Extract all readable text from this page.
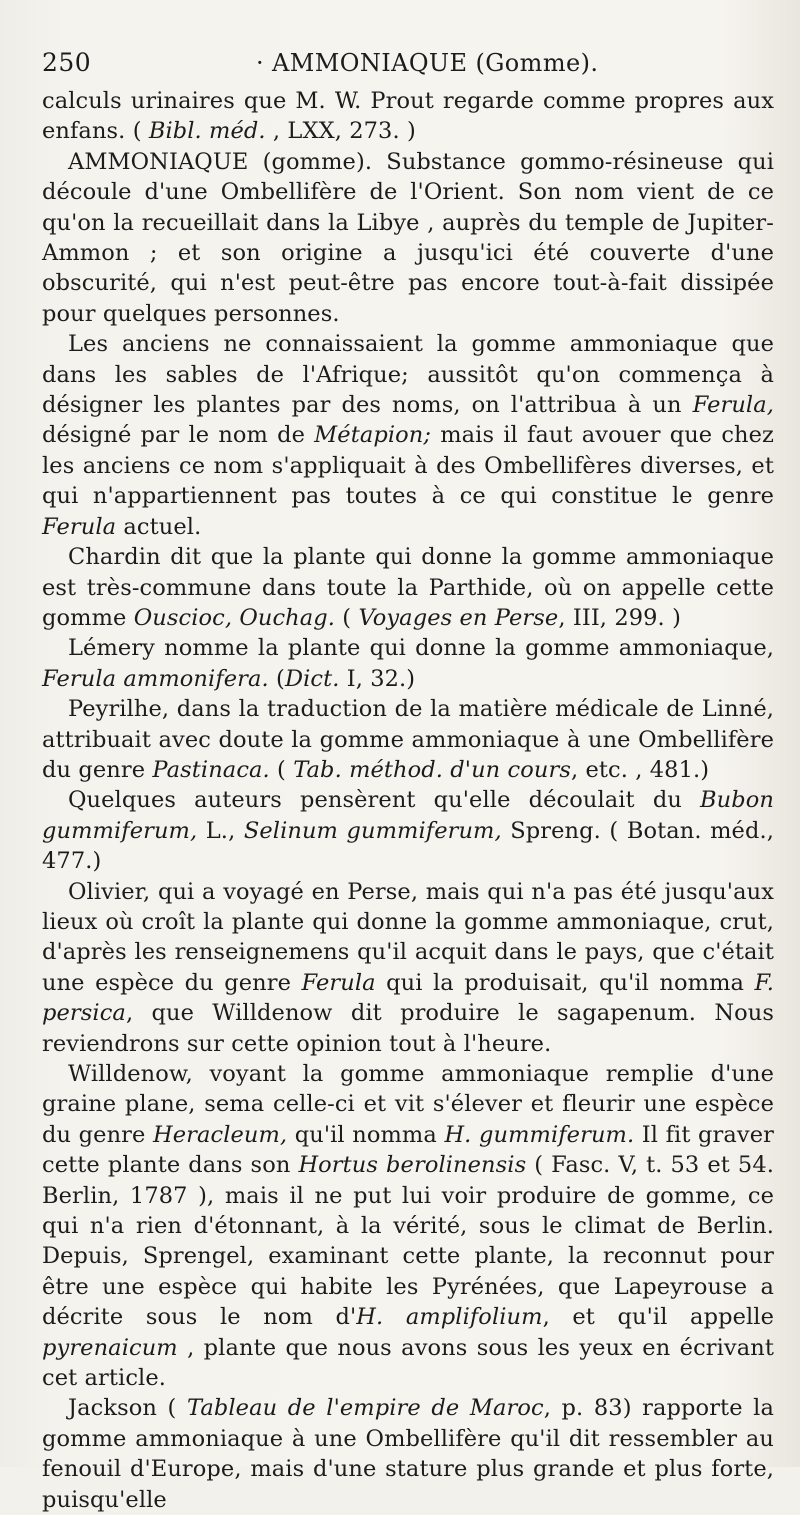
250	· AMMONIAQUE (Gomme).

calculs urinaires que M. W. Prout regarde comme propres aux enfans. ( Bibl. méd. , LXX, 273. )

AMMONIAQUE (gomme). Substance gommo-résineuse qui découle d'une Ombellifère de l'Orient. Son nom vient de ce qu'on la recueillait dans la Libye , auprès du temple de Jupiter-Ammon ; et son origine a jusqu'ici été couverte d'une obscurité, qui n'est peut-être pas encore tout-à-fait dissipée pour quelques personnes.

Les anciens ne connaissaient la gomme ammoniaque que dans les sables de l'Afrique; aussitôt qu'on commença à désigner les plantes par des noms, on l'attribua à un Ferula, désigné par le nom de Métapion; mais il faut avouer que chez les anciens ce nom s'appliquait à des Ombellifères diverses, et qui n'appartiennent pas toutes à ce qui constitue le genre Ferula actuel.

Chardin dit que la plante qui donne la gomme ammoniaque est très-commune dans toute la Parthide, où on appelle cette gomme Ouscioc, Ouchag. ( Voyages en Perse, III, 299. )

Lémery nomme la plante qui donne la gomme ammoniaque, Ferula ammonifera. (Dict. I, 32.)

Peyrilhe, dans la traduction de la matière médicale de Linné, attribuait avec doute la gomme ammoniaque à une Ombellifère du genre Pastinaca. ( Tab. méthod. d'un cours, etc. , 481.)

Quelques auteurs pensèrent qu'elle découlait du Bubon gummiferum, L., Selinum gummiferum, Spreng. ( Botan. méd., 477.)

Olivier, qui a voyagé en Perse, mais qui n'a pas été jusqu'aux lieux où croît la plante qui donne la gomme ammoniaque, crut, d'après les renseignemens qu'il acquit dans le pays, que c'était une espèce du genre Ferula qui la produisait, qu'il nomma F. persica, que Willdenow dit produire le sagapenum. Nous reviendrons sur cette opinion tout à l'heure.

Willdenow, voyant la gomme ammoniaque remplie d'une graine plane, sema celle-ci et vit s'élever et fleurir une espèce du genre Heracleum, qu'il nomma H. gummiferum. Il fit graver cette plante dans son Hortus berolinensis ( Fasc. V, t. 53 et 54. Berlin, 1787 ), mais il ne put lui voir produire de gomme, ce qui n'a rien d'étonnant, à la vérité, sous le climat de Berlin. Depuis, Sprengel, examinant cette plante, la reconnut pour être une espèce qui habite les Pyrénées, que Lapeyrouse a décrite sous le nom d'H. amplifolium, et qu'il appelle pyrenaicum , plante que nous avons sous les yeux en écrivant cet article.

Jackson ( Tableau de l'empire de Maroc, p. 83) rapporte la gomme ammoniaque à une Ombellifère qu'il dit ressembler au fenouil d'Europe, mais d'une stature plus grande et plus forte, puisqu'elle
